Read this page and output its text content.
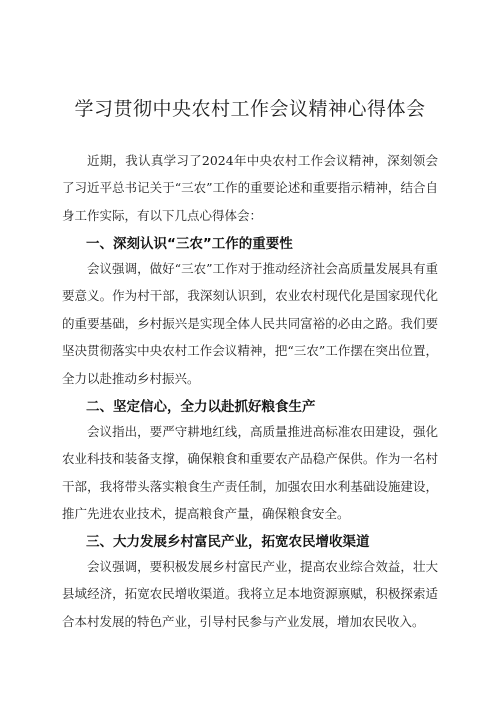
学习贯彻中央农村工作会议精神心得体会

近期，我认真学习了2024年中央农村工作会议精神，深刻领会了习近平总书记关于“三农”工作的重要论述和重要指示精神，结合自身工作实际，有以下几点心得体会：

一、深刻认识“三农”工作的重要性

会议强调，做好“三农”工作对于推动经济社会高质量发展具有重要意义。作为村干部，我深刻认识到，农业农村现代化是国家现代化的重要基础，乡村振兴是实现全体人民共同富裕的必由之路。我们要坚决贯彻落实中央农村工作会议精神，把“三农”工作摆在突出位置，全力以赴推动乡村振兴。

二、坚定信心，全力以赴抓好粮食生产

会议指出，要严守耕地红线，高质量推进高标准农田建设，强化农业科技和装备支撑，确保粮食和重要农产品稳产保供。作为一名村干部，我将带头落实粮食生产责任制，加强农田水利基础设施建设，推广先进农业技术，提高粮食产量，确保粮食安全。

三、大力发展乡村富民产业，拓宽农民增收渠道

会议强调，要积极发展乡村富民产业，提高农业综合效益，壮大县域经济，拓宽农民增收渠道。我将立足本地资源禀赋，积极探索适合本村发展的特色产业，引导村民参与产业发展，增加农民收入。
